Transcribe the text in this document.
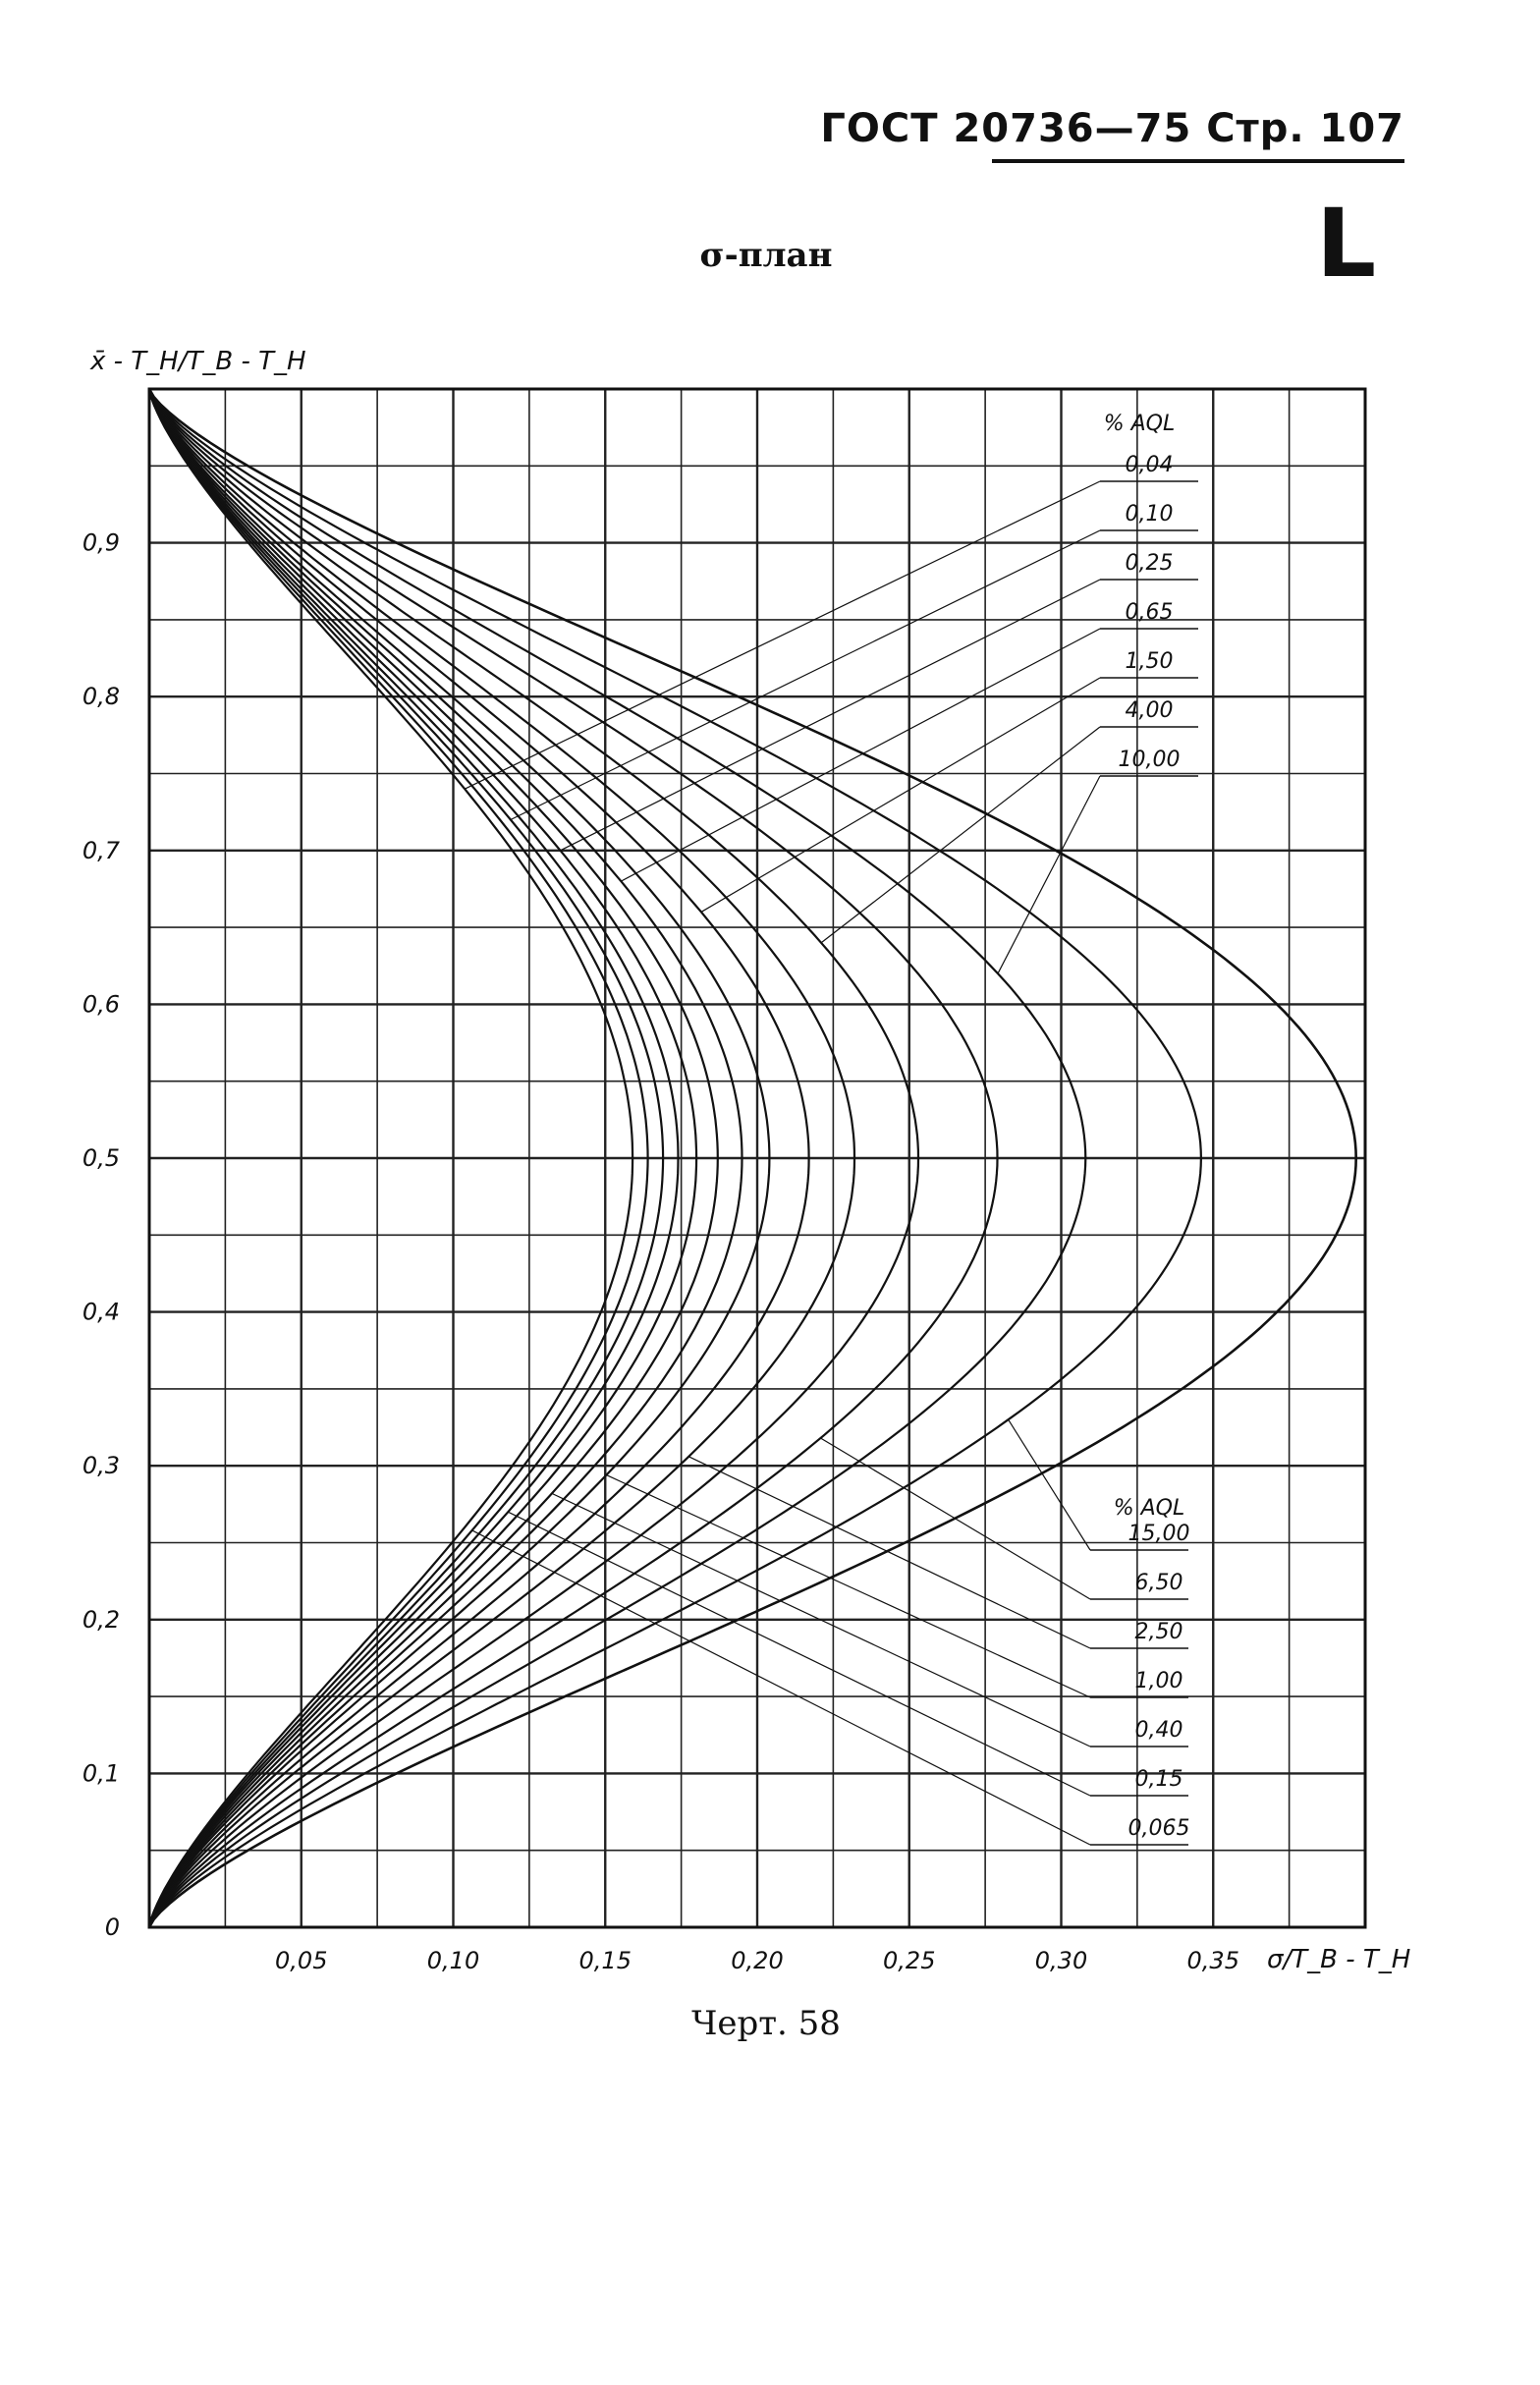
ГОСТ 20736—75 Стр. 107
L
σ-план
0,05	0,10	0,15	0,20	0,25	0,30	0,35
0
0,1
0,2
0,3
0,4
0,5
0,6
0,7
0,8
0,9
x̄ - T_H/T_B - T_H
σ/T_B - T_H
% AQL
0,04
0,10
0,25
0,65
1,50
4,00
10,00
% AQL
15,00
6,50
2,50
1,00
0,40
0,15
0,065
Черт. 58
